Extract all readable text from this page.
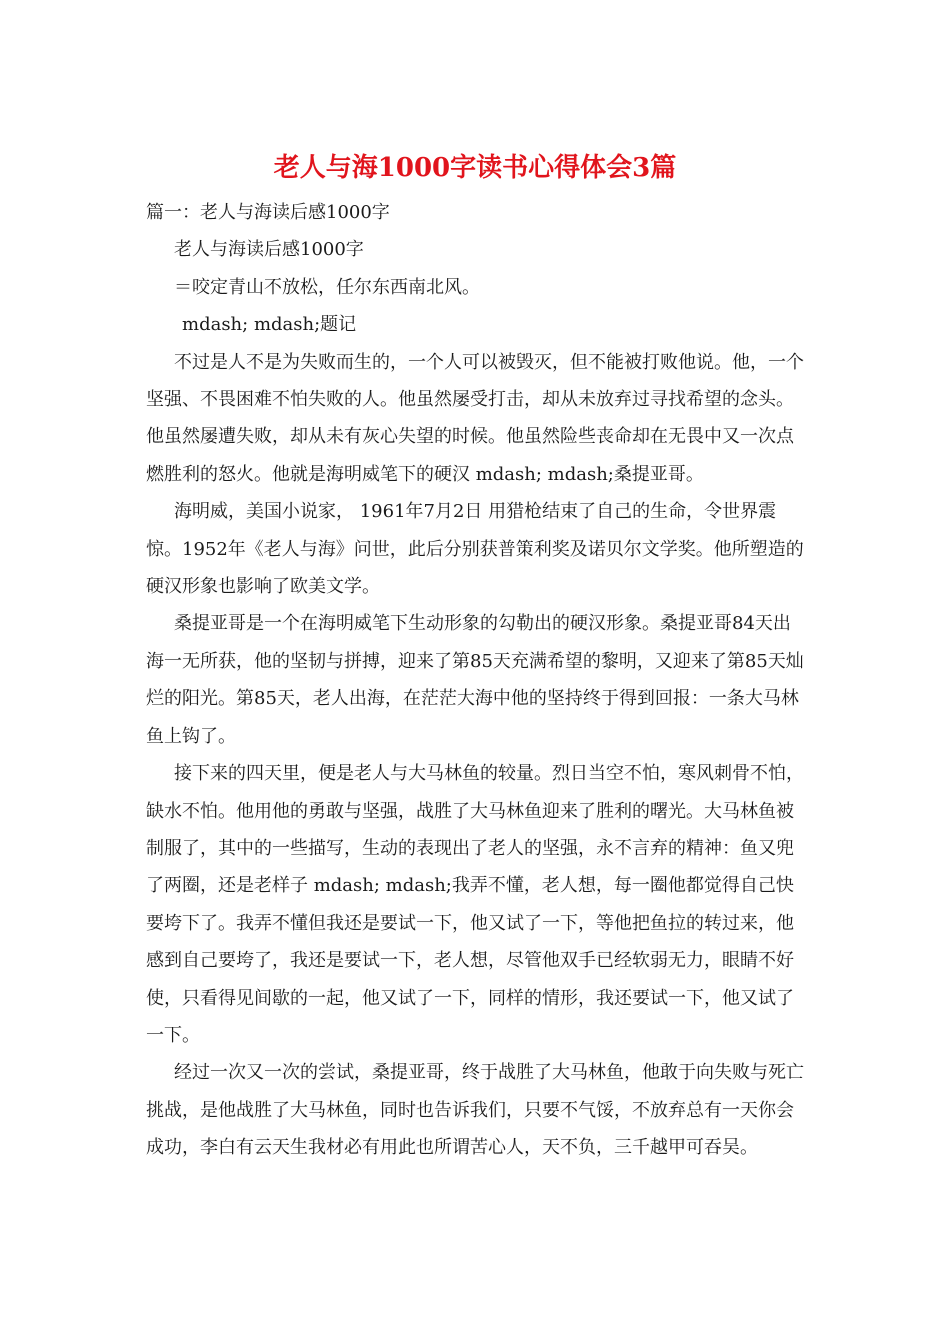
老人与海1000字读书心得体会3篇

篇一：老人与海读后感1000字

老人与海读后感1000字

＝咬定青山不放松，任尔东西南北风。

mdash; mdash;题记

不过是人不是为失败而生的，一个人可以被毁灭，但不能被打败他说。他，一个坚强、不畏困难不怕失败的人。他虽然屡受打击，却从未放弃过寻找希望的念头。他虽然屡遭失败，却从未有灰心失望的时候。他虽然险些丧命却在无畏中又一次点燃胜利的怒火。他就是海明威笔下的硬汉 mdash; mdash;桑提亚哥。

海明威，美国小说家， 1961年7月2日 用猎枪结束了自己的生命，令世界震惊。1952年《老人与海》问世，此后分别获普策利奖及诺贝尔文学奖。他所塑造的硬汉形象也影响了欧美文学。

桑提亚哥是一个在海明威笔下生动形象的勾勒出的硬汉形象。桑提亚哥84天出海一无所获，他的坚韧与拼搏，迎来了第85天充满希望的黎明，又迎来了第85天灿烂的阳光。第85天，老人出海，在茫茫大海中他的坚持终于得到回报：一条大马林鱼上钩了。

接下来的四天里，便是老人与大马林鱼的较量。烈日当空不怕，寒风刺骨不怕，缺水不怕。他用他的勇敢与坚强，战胜了大马林鱼迎来了胜利的曙光。大马林鱼被制服了，其中的一些描写，生动的表现出了老人的坚强，永不言弃的精神：鱼又兜了两圈，还是老样子 mdash; mdash;我弄不懂，老人想，每一圈他都觉得自己快要垮下了。我弄不懂但我还是要试一下，他又试了一下，等他把鱼拉的转过来，他感到自己要垮了，我还是要试一下，老人想，尽管他双手已经软弱无力，眼睛不好使，只看得见间歇的一起，他又试了一下，同样的情形，我还要试一下，他又试了一下。

经过一次又一次的尝试，桑提亚哥，终于战胜了大马林鱼，他敢于向失败与死亡挑战，是他战胜了大马林鱼，同时也告诉我们，只要不气馁，不放弃总有一天你会成功，李白有云天生我材必有用此也所谓苦心人，天不负，三千越甲可吞吴。
